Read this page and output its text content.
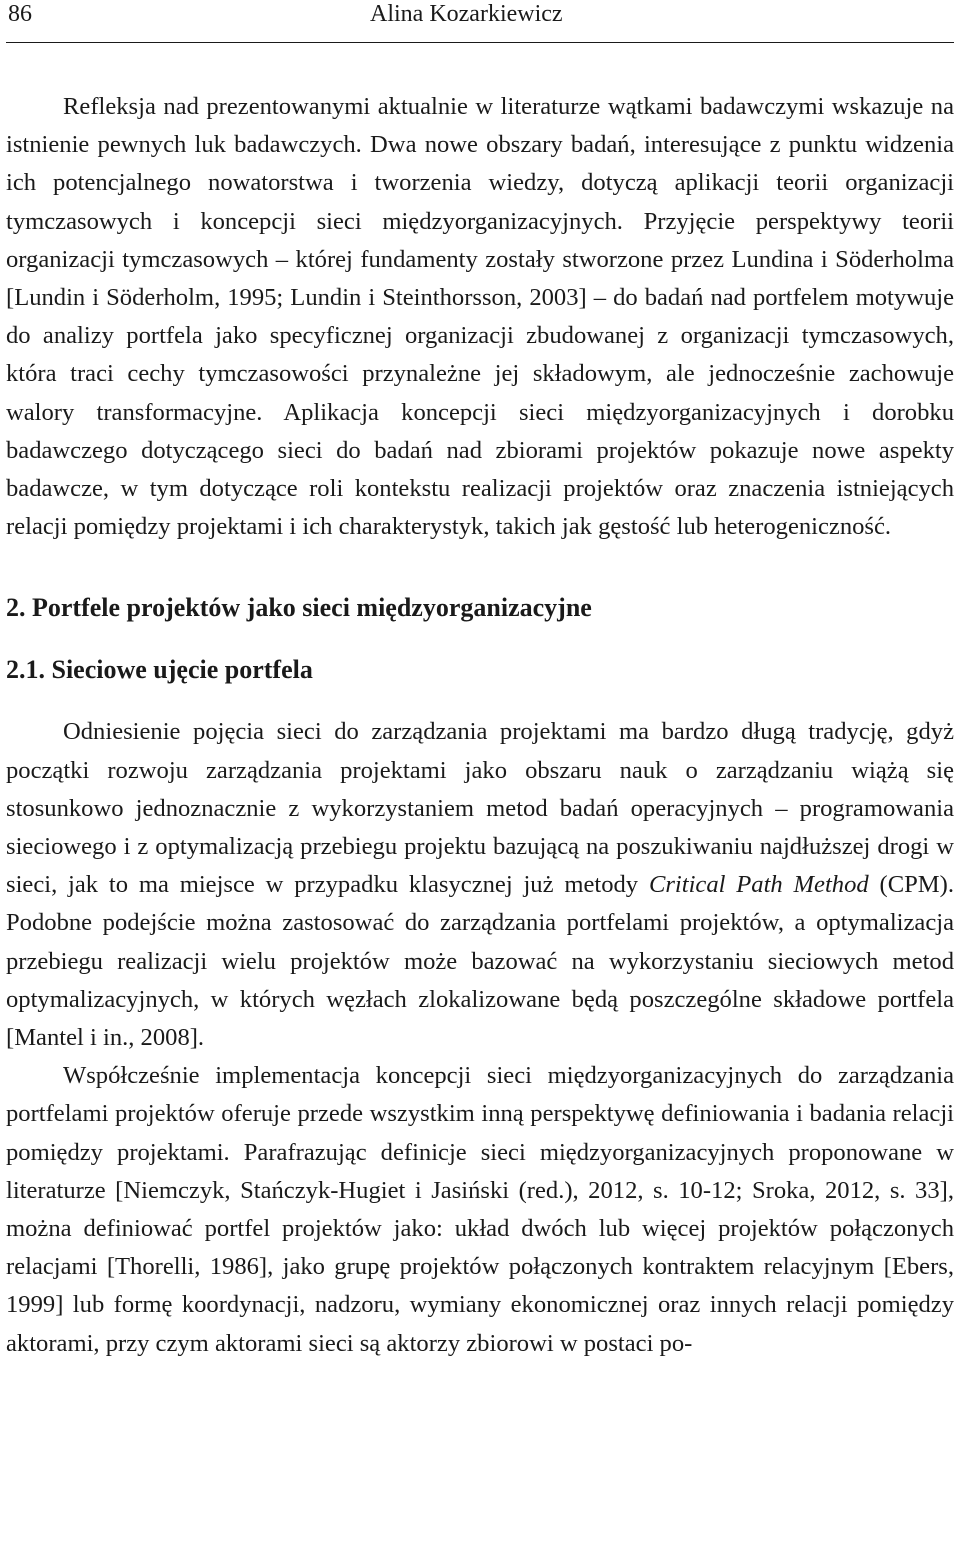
86	Alina Kozarkiewicz

Refleksja nad prezentowanymi aktualnie w literaturze wątkami badawczymi wskazuje na istnienie pewnych luk badawczych. Dwa nowe obszary badań, interesujące z punktu widzenia ich potencjalnego nowatorstwa i tworzenia wiedzy, dotyczą aplikacji teorii organizacji tymczasowych i koncepcji sieci międzyorganizacyjnych. Przyjęcie perspektywy teorii organizacji tymczasowych – której fundamenty zostały stworzone przez Lundina i Söderholma [Lundin i Söderholm, 1995; Lundin i Steinthorsson, 2003] – do badań nad portfelem motywuje do analizy portfela jako specyficznej organizacji zbudowanej z organizacji tymczasowych, która traci cechy tymczasowości przynależne jej składowym, ale jednocześnie zachowuje walory transformacyjne. Aplikacja koncepcji sieci międzyorganizacyjnych i dorobku badawczego dotyczącego sieci do badań nad zbiorami projektów pokazuje nowe aspekty badawcze, w tym dotyczące roli kontekstu realizacji projektów oraz znaczenia istniejących relacji pomiędzy projektami i ich charakterystyk, takich jak gęstość lub heterogeniczność.

2. Portfele projektów jako sieci międzyorganizacyjne
2.1. Sieciowe ujęcie portfela

Odniesienie pojęcia sieci do zarządzania projektami ma bardzo długą tradycję, gdyż początki rozwoju zarządzania projektami jako obszaru nauk o zarządzaniu wiążą się stosunkowo jednoznacznie z wykorzystaniem metod badań operacyjnych – programowania sieciowego i z optymalizacją przebiegu projektu bazującą na poszukiwaniu najdłuższej drogi w sieci, jak to ma miejsce w przypadku klasycznej już metody Critical Path Method (CPM). Podobne podejście można zastosować do zarządzania portfelami projektów, a optymalizacja przebiegu realizacji wielu projektów może bazować na wykorzystaniu sieciowych metod optymalizacyjnych, w których węzłach zlokalizowane będą poszczególne składowe portfela [Mantel i in., 2008].

Współcześnie implementacja koncepcji sieci międzyorganizacyjnych do zarządzania portfelami projektów oferuje przede wszystkim inną perspektywę definiowania i badania relacji pomiędzy projektami. Parafrazując definicje sieci międzyorganizacyjnych proponowane w literaturze [Niemczyk, Stańczyk-Hugiet i Jasiński (red.), 2012, s. 10-12; Sroka, 2012, s. 33], można definiować portfel projektów jako: układ dwóch lub więcej projektów połączonych relacjami [Thorelli, 1986], jako grupę projektów połączonych kontraktem relacyjnym [Ebers, 1999] lub formę koordynacji, nadzoru, wymiany ekonomicznej oraz innych relacji pomiędzy aktorami, przy czym aktorami sieci są aktorzy zbiorowi w postaci po-
